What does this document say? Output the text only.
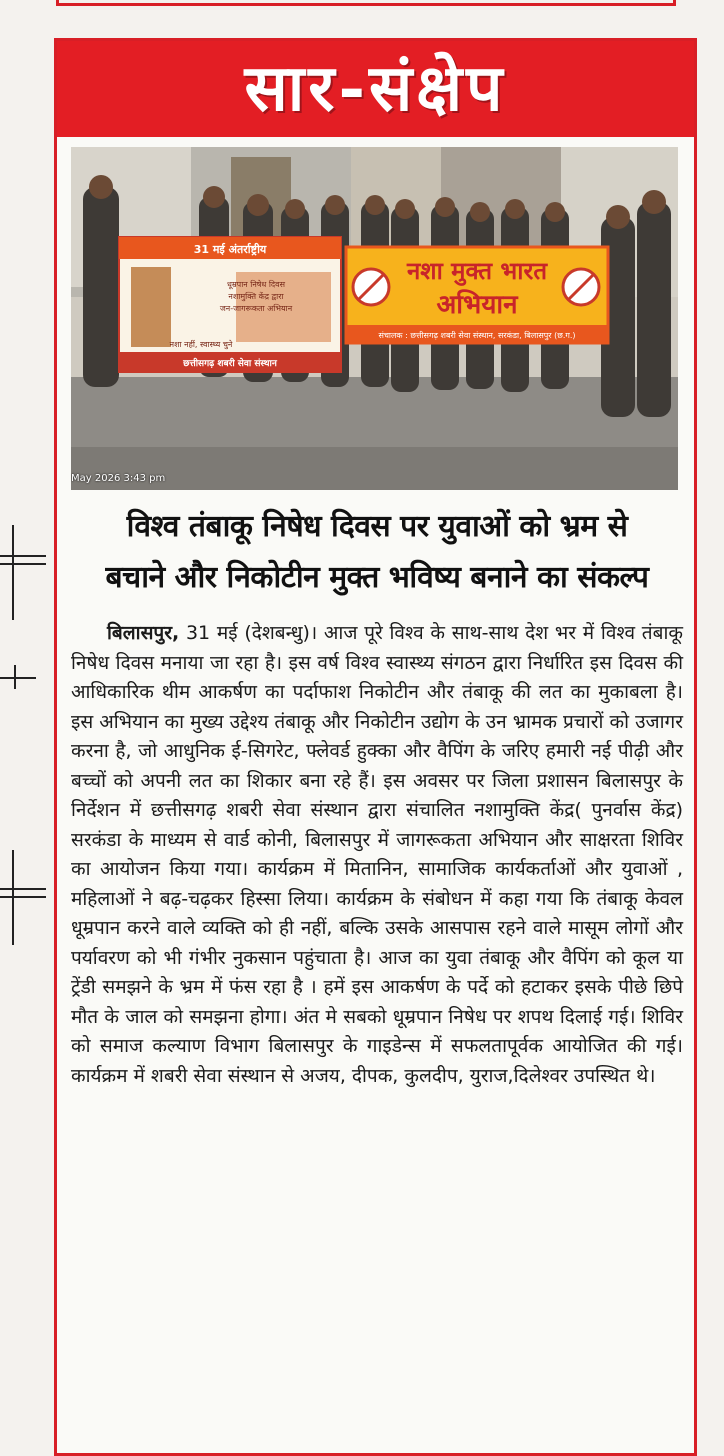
सार-संक्षेप
31 मई अंतर्राष्ट्रीय
धूम्रपान निषेध दिवस
नशामुक्ति केंद्र द्वारा
जन-जागरूकता अभियान
नशा नहीं, स्वास्थ्य चुने
छत्तीसगढ़ शबरी सेवा संस्थान
नशा मुक्त भारत
अभियान
संचालक : छत्तीसगढ़ शबरी सेवा संस्थान, सरकंडा, बिलासपुर (छ.ग.)
May 2026 3:43 pm
विश्व तंबाकू निषेध दिवस पर युवाओं को भ्रम से
बचाने और निकोटीन मुक्त भविष्य बनाने का संकल्प
बिलासपुर, 31 मई (देशबन्धु)। आज पूरे विश्व के साथ-साथ देश भर में विश्व तंबाकू निषेध दिवस मनाया जा रहा है। इस वर्ष विश्व स्वास्थ्य संगठन द्वारा निर्धारित इस दिवस की आधिकारिक थीम आकर्षण का पर्दाफाश निकोटीन और तंबाकू की लत का मुकाबला है। इस अभियान का मुख्य उद्देश्य तंबाकू और निकोटीन उद्योग के उन भ्रामक प्रचारों को उजागर करना है, जो आधुनिक ई-सिगरेट, फ्लेवर्ड हुक्का और वैपिंग के जरिए हमारी नई पीढ़ी और बच्चों को अपनी लत का शिकार बना रहे हैं। इस अवसर पर जिला प्रशासन बिलासपुर के निर्देशन में छत्तीसगढ़ शबरी सेवा संस्थान द्वारा संचालित नशामुक्ति केंद्र( पुनर्वास केंद्र) सरकंडा के माध्यम से वार्ड कोनी, बिलासपुर में जागरूकता अभियान और साक्षरता शिविर का आयोजन किया गया। कार्यक्रम में मितानिन, सामाजिक कार्यकर्ताओं और युवाओं , महिलाओं ने बढ़-चढ़कर हिस्सा लिया। कार्यक्रम के संबोधन में कहा गया कि तंबाकू केवल धूम्रपान करने वाले व्यक्ति को ही नहीं, बल्कि उसके आसपास रहने वाले मासूम लोगों और पर्यावरण को भी गंभीर नुकसान पहुंचाता है। आज का युवा तंबाकू और वैपिंग को कूल या ट्रेंडी समझने के भ्रम में फंस रहा है । हमें इस आकर्षण के पर्दे को हटाकर इसके पीछे छिपे मौत के जाल को समझना होगा। अंत मे सबको धूम्रपान निषेध पर शपथ दिलाई गई। शिविर को समाज कल्याण विभाग बिलासपुर के गाइडेन्स में सफलतापूर्वक आयोजित की गई। कार्यक्रम में शबरी सेवा संस्थान से अजय, दीपक, कुलदीप, युराज,दिलेश्वर उपस्थित थे।
